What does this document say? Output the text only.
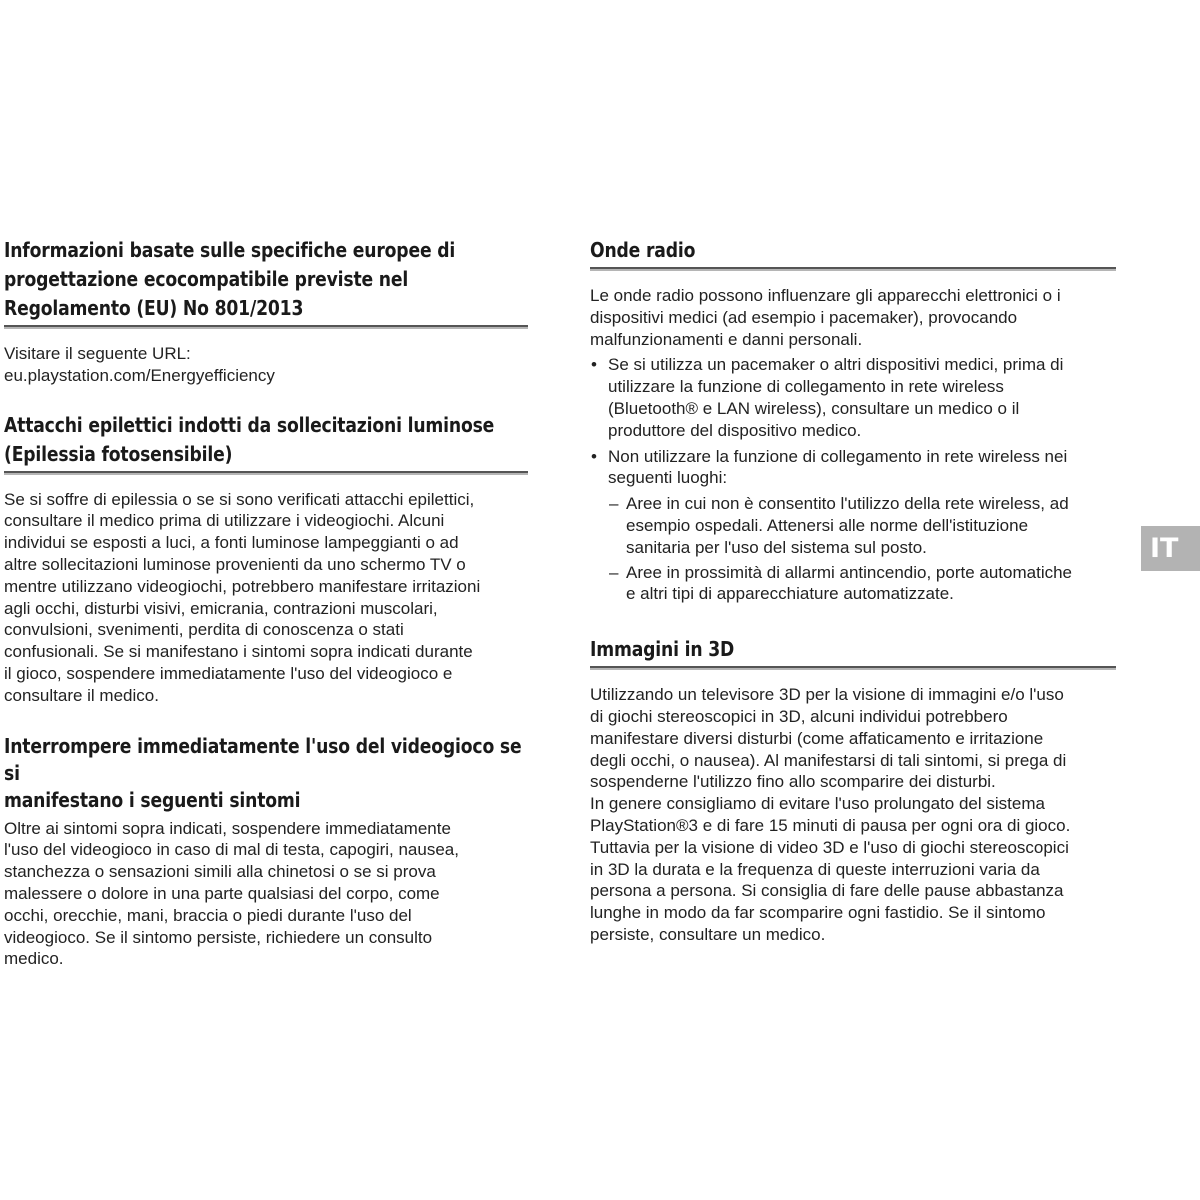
Informazioni basate sulle specifiche europee di
progettazione ecocompatibile previste nel
Regolamento (EU) No 801/2013

Visitare il seguente URL:
eu.playstation.com/Energyefficiency

Attacchi epilettici indotti da sollecitazioni luminose
(Epilessia fotosensibile)

Se si soffre di epilessia o se si sono verificati attacchi epilettici,
consultare il medico prima di utilizzare i videogiochi. Alcuni
individui se esposti a luci, a fonti luminose lampeggianti o ad
altre sollecitazioni luminose provenienti da uno schermo TV o
mentre utilizzano videogiochi, potrebbero manifestare irritazioni
agli occhi, disturbi visivi, emicrania, contrazioni muscolari,
convulsioni, svenimenti, perdita di conoscenza o stati
confusionali. Se si manifestano i sintomi sopra indicati durante
il gioco, sospendere immediatamente l'uso del videogioco e
consultare il medico.

Interrompere immediatamente l'uso del videogioco se si
manifestano i seguenti sintomi

Oltre ai sintomi sopra indicati, sospendere immediatamente
l'uso del videogioco in caso di mal di testa, capogiri, nausea,
stanchezza o sensazioni simili alla chinetosi o se si prova
malessere o dolore in una parte qualsiasi del corpo, come
occhi, orecchie, mani, braccia o piedi durante l'uso del
videogioco. Se il sintomo persiste, richiedere un consulto
medico.

Onde radio

Le onde radio possono influenzare gli apparecchi elettronici o i
dispositivi medici (ad esempio i pacemaker), provocando
malfunzionamenti e danni personali.

• Se si utilizza un pacemaker o altri dispositivi medici, prima di
utilizzare la funzione di collegamento in rete wireless
(Bluetooth® e LAN wireless), consultare un medico o il
produttore del dispositivo medico.
• Non utilizzare la funzione di collegamento in rete wireless nei
seguenti luoghi:
– Aree in cui non è consentito l'utilizzo della rete wireless, ad
esempio ospedali. Attenersi alle norme dell'istituzione
sanitaria per l'uso del sistema sul posto.
– Aree in prossimità di allarmi antincendio, porte automatiche
e altri tipi di apparecchiature automatizzate.
Immagini in 3D

Utilizzando un televisore 3D per la visione di immagini e/o l'uso
di giochi stereoscopici in 3D, alcuni individui potrebbero
manifestare diversi disturbi (come affaticamento e irritazione
degli occhi, o nausea). Al manifestarsi di tali sintomi, si prega di
sospenderne l'utilizzo fino allo scomparire dei disturbi.
In genere consigliamo di evitare l'uso prolungato del sistema
PlayStation®3 e di fare 15 minuti di pausa per ogni ora di gioco.
Tuttavia per la visione di video 3D e l'uso di giochi stereoscopici
in 3D la durata e la frequenza di queste interruzioni varia da
persona a persona. Si consiglia di fare delle pause abbastanza
lunghe in modo da far scomparire ogni fastidio. Se il sintomo
persiste, consultare un medico.

IT
